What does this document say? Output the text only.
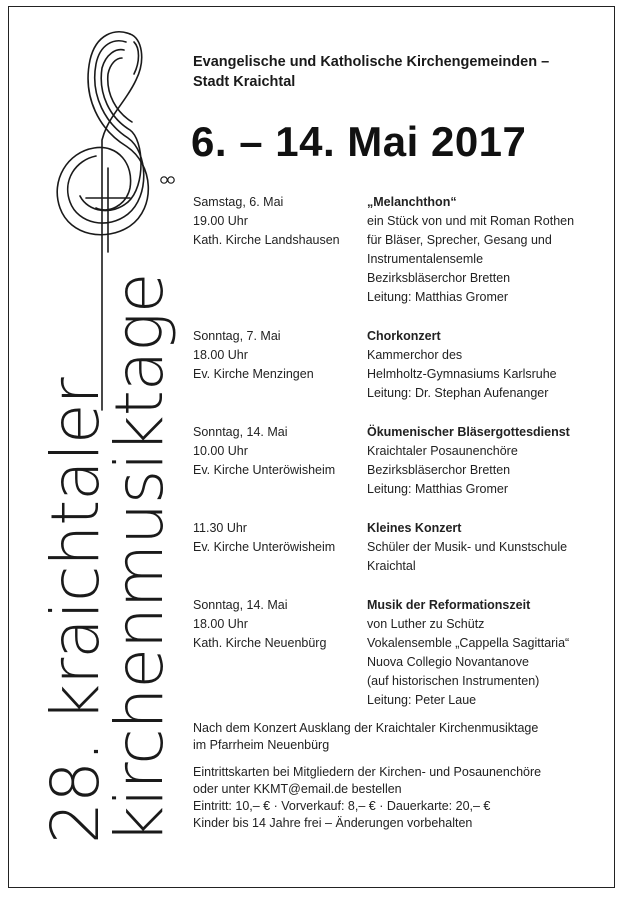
28. kraichtaler
kirchenmusiktage
Evangelische und Katholische Kirchengemeinden –
Stadt Kraichtal
6. – 14. Mai 2017
Samstag, 6. Mai
19.00 Uhr
Kath. Kirche Landshausen
„Melanchthon“
ein Stück von und mit Roman Rothen
für Bläser, Sprecher, Gesang und
Instrumentalensemle
Bezirksbläserchor Bretten
Leitung: Matthias Gromer
Sonntag, 7. Mai
18.00 Uhr
Ev. Kirche Menzingen
Chorkonzert
Kammerchor des
Helmholtz-Gymnasiums Karlsruhe
Leitung: Dr. Stephan Aufenanger
Sonntag, 14. Mai
10.00 Uhr
Ev. Kirche Unteröwisheim
Ökumenischer Bläsergottesdienst
Kraichtaler Posaunenchöre
Bezirksbläserchor Bretten
Leitung: Matthias Gromer
11.30 Uhr
Ev. Kirche Unteröwisheim
Kleines Konzert
Schüler der Musik- und Kunstschule
Kraichtal
Sonntag, 14. Mai
18.00 Uhr
Kath. Kirche Neuenbürg
Musik der Reformationszeit
von Luther zu Schütz
Vokalensemble „Cappella Sagittaria“
Nuova Collegio Novantanove
(auf historischen Instrumenten)
Leitung: Peter Laue

Nach dem Konzert Ausklang der Kraichtaler Kirchenmusiktage
im Pfarrheim Neuenbürg

Eintrittskarten bei Mitgliedern der Kirchen- und Posaunenchöre
oder unter KKMT@email.de bestellen
Eintritt: 10,– € · Vorverkauf: 8,– € · Dauerkarte: 20,– €
Kinder bis 14 Jahre frei – Änderungen vorbehalten
